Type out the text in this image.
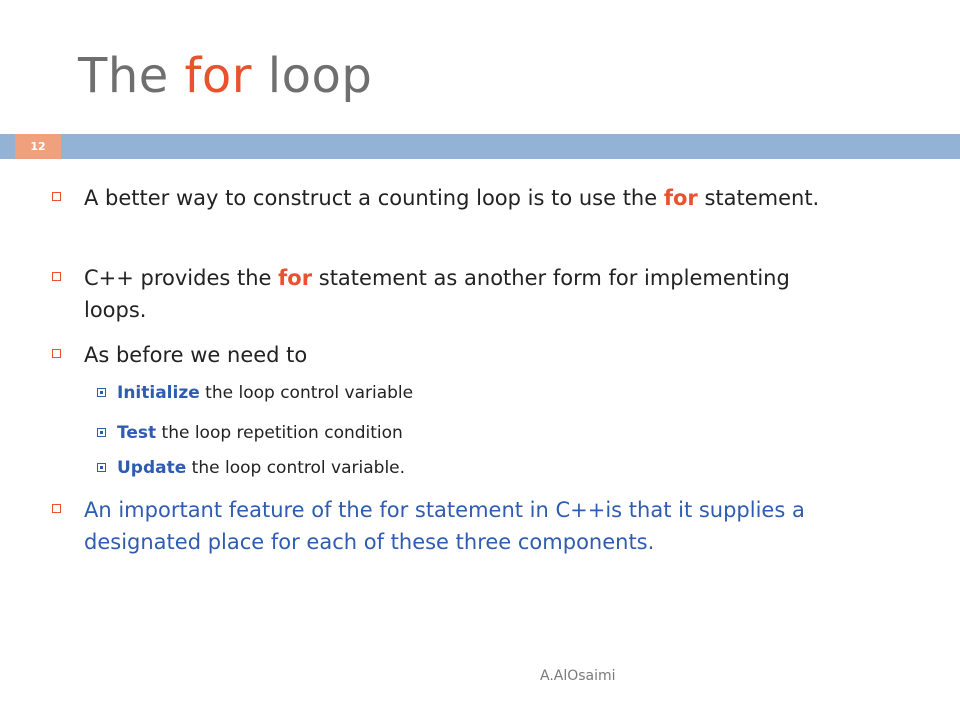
The for loop
12
A better way to construct a counting loop is to use the for statement.
C++ provides the for statement as another form for implementing loops.
As before we need to
Initialize the loop control variable
Test the loop repetition condition
Update the loop control variable.
An important feature of the for statement in C++is that it supplies a designated place for each of these three components.
A.AlOsaimi
